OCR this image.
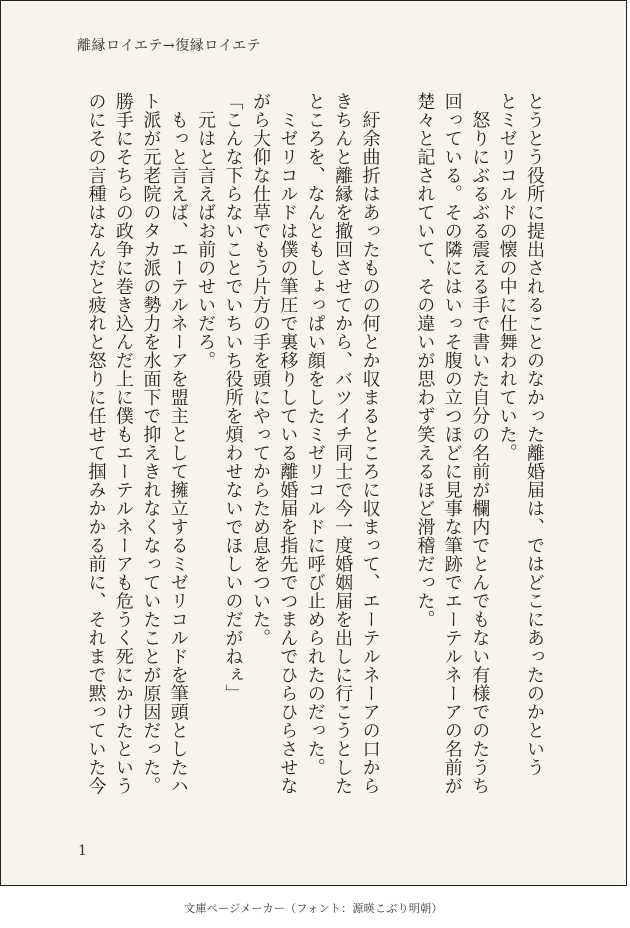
離縁ロイエテ→復縁ロイエテ
とうとう役所に提出されることのなかった離婚届は、ではどこにあったのかという
とミゼリコルドの懐の中に仕舞われていた。
　怒りにぶるぶる震える手で書いた自分の名前が欄内でとんでもない有様でのたうち
回っている。その隣にはいっそ腹の立つほどに見事な筆跡でエーテルネーアの名前が
楚々と記されていて、その違いが思わず笑えるほど滑稽だった。
　紆余曲折はあったものの何とか収まるところに収まって、エーテルネーアの口から
きちんと離縁を撤回させてから、バツイチ同士で今一度婚姻届を出しに行こうとした
ところを、なんともしょっぱい顔をしたミゼリコルドに呼び止められたのだった。
　ミゼリコルドは僕の筆圧で裏移りしている離婚届を指先でつまんでひらひらさせな
がら大仰な仕草でもう片方の手を頭にやってからため息をついた。
「こんな下らないことでいちいち役所を煩わせないでほしいのだがねぇ」
　元はと言えばお前のせいだろ。
　もっと言えば、エーテルネーアを盟主として擁立するミゼリコルドを筆頭としたハ
ト派が元老院のタカ派の勢力を水面下で抑えきれなくなっていたことが原因だった。
勝手にそちらの政争に巻き込んだ上に僕もエーテルネーアも危うく死にかけたという
のにその言種はなんだと疲れと怒りに任せて掴みかかる前に、それまで黙っていた今
1
文庫ページメーカー（フォント：源暎こぶり明朝）
